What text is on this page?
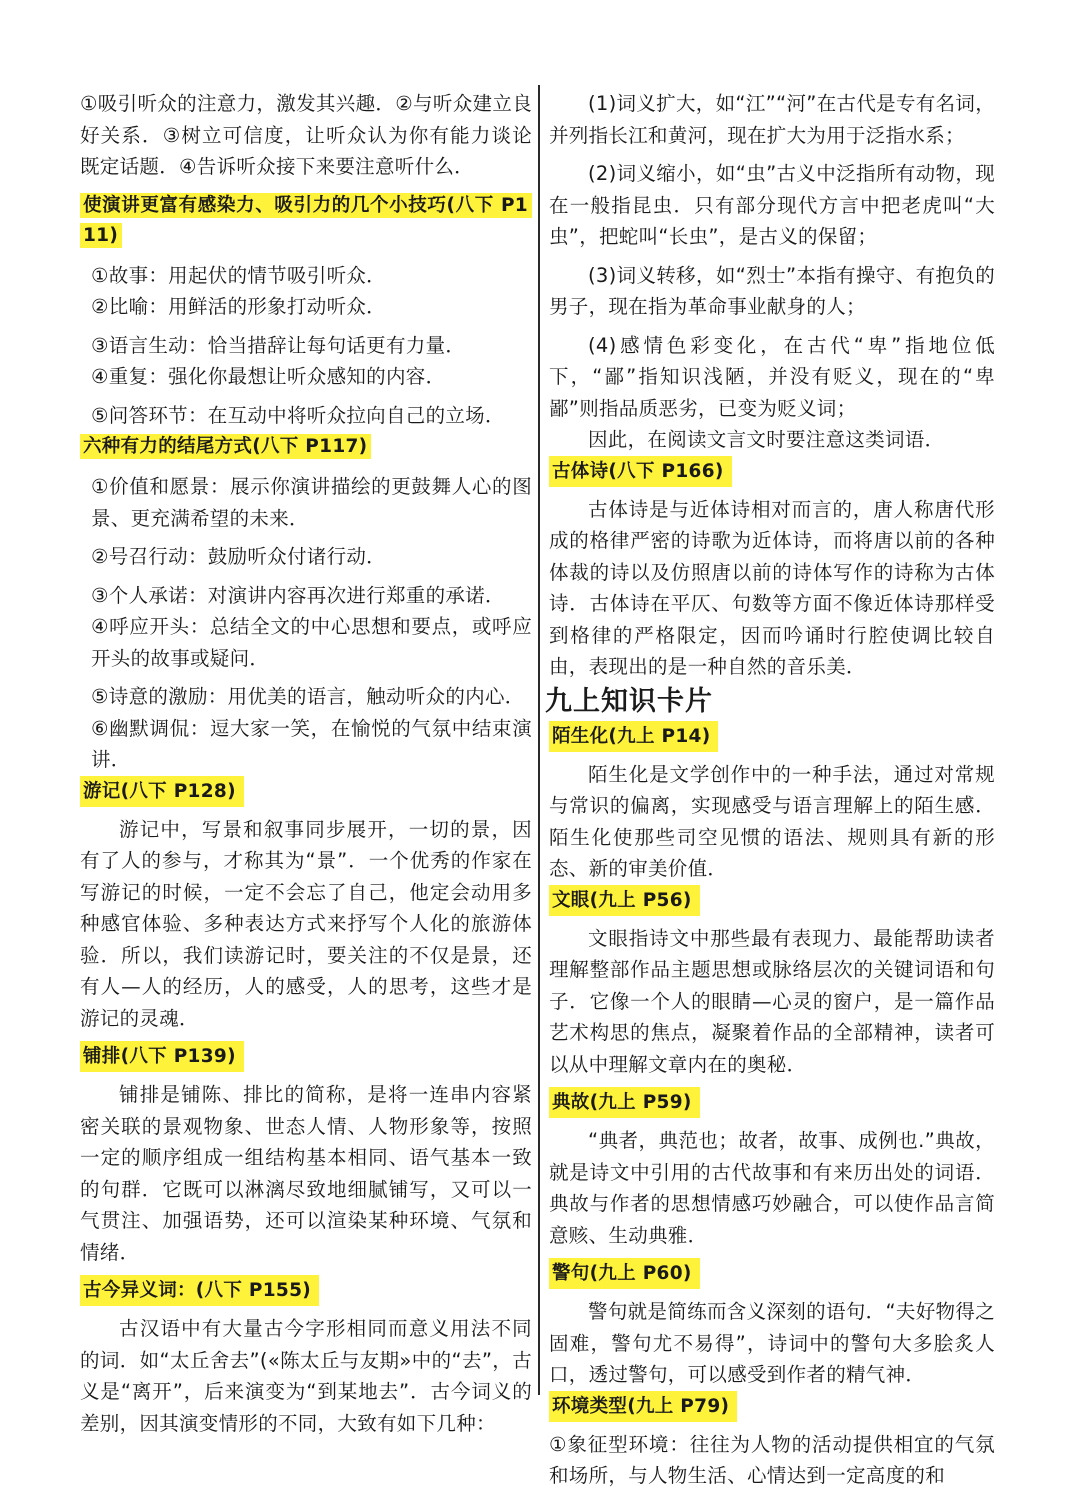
①吸引听众的注意力，激发其兴趣．②与听众建立良好关系．③树立可信度，让听众认为你有能力谈论既定话题．④告诉听众接下来要注意听什么．

使演讲更富有感染力、吸引力的几个小技巧(八下 P111)

①故事：用起伏的情节吸引听众．

②比喻：用鲜活的形象打动听众．

③语言生动：恰当措辞让每句话更有力量．

④重复：强化你最想让听众感知的内容．

⑤问答环节：在互动中将听众拉向自己的立场．

六种有力的结尾方式(八下 P117)

①价值和愿景：展示你演讲描绘的更鼓舞人心的图景、更充满希望的未来．

②号召行动：鼓励听众付诸行动．

③个人承诺：对演讲内容再次进行郑重的承诺．

④呼应开头：总结全文的中心思想和要点，或呼应开头的故事或疑问．

⑤诗意的激励：用优美的语言，触动听众的内心．

⑥幽默调侃：逗大家一笑，在愉悦的气氛中结束演讲．

游记(八下 P128)

游记中，写景和叙事同步展开，一切的景，因有了人的参与，才称其为“景”．一个优秀的作家在写游记的时候，一定不会忘了自己，他定会动用多种感官体验、多种表达方式来抒写个人化的旅游体验．所以，我们读游记时，要关注的不仅是景，还有人—人的经历，人的感受，人的思考，这些才是游记的灵魂．

铺排(八下 P139)

铺排是铺陈、排比的简称，是将一连串内容紧密关联的景观物象、世态人情、人物形象等，按照一定的顺序组成一组结构基本相同、语气基本一致的句群．它既可以淋漓尽致地细腻铺写，又可以一气贯注、加强语势，还可以渲染某种环境、气氛和情绪．

古今异义词：(八下 P155)

古汉语中有大量古今字形相同而意义用法不同的词．如“太丘舍去”(«陈太丘与友期»中的“去”，古义是“离开”，后来演变为“到某地去”．古今词义的差别，因其演变情形的不同，大致有如下几种：

(1)词义扩大，如“江”“河”在古代是专有名词，并列指长江和黄河，现在扩大为用于泛指水系；

(2)词义缩小，如“虫”古义中泛指所有动物，现在一般指昆虫．只有部分现代方言中把老虎叫“大虫”，把蛇叫“长虫”，是古义的保留；

(3)词义转移，如“烈士”本指有操守、有抱负的男子，现在指为革命事业献身的人；

(4)感情色彩变化，在古代“卑”指地位低下，“鄙”指知识浅陋，并没有贬义，现在的“卑鄙”则指品质恶劣，已变为贬义词；

因此，在阅读文言文时要注意这类词语．

古体诗(八下 P166)

古体诗是与近体诗相对而言的，唐人称唐代形成的格律严密的诗歌为近体诗，而将唐以前的各种体裁的诗以及仿照唐以前的诗体写作的诗称为古体诗．古体诗在平仄、句数等方面不像近体诗那样受到格律的严格限定，因而吟诵时行腔使调比较自由，表现出的是一种自然的音乐美．

九上知识卡片

陌生化(九上 P14)

陌生化是文学创作中的一种手法，通过对常规与常识的偏离，实现感受与语言理解上的陌生感．陌生化使那些司空见惯的语法、规则具有新的形态、新的审美价值．

文眼(九上 P56)

文眼指诗文中那些最有表现力、最能帮助读者理解整部作品主题思想或脉络层次的关键词语和句子．它像一个人的眼睛—心灵的窗户，是一篇作品艺术构思的焦点，凝聚着作品的全部精神，读者可以从中理解文章内在的奥秘．

典故(九上 P59)

“典者，典范也；故者，故事、成例也.”典故，就是诗文中引用的古代故事和有来历出处的词语．典故与作者的思想情感巧妙融合，可以使作品言简意赅、生动典雅．

警句(九上 P60)

警句就是简练而含义深刻的语句．“夫好物得之固难，警句尤不易得”，诗词中的警句大多脍炙人口，透过警句，可以感受到作者的精气神．

环境类型(九上 P79)

①象征型环境：往往为人物的活动提供相宜的气氛和场所，与人物生活、心情达到一定高度的和
